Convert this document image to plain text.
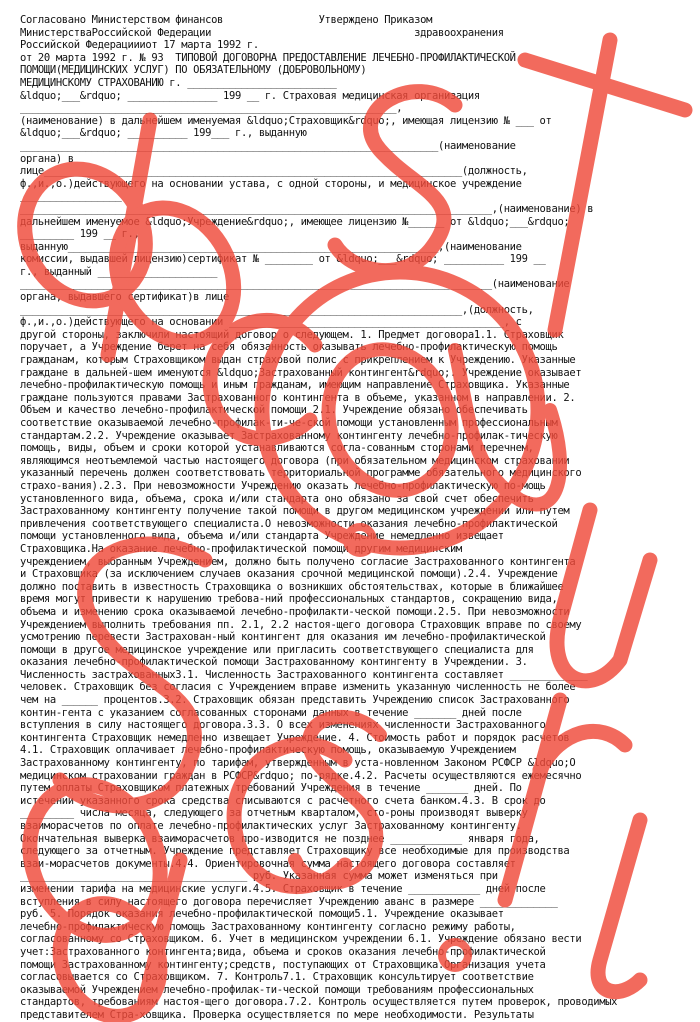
Согласовано Министерством финансов                Утверждено Приказом
МинистерстваРоссийской Федерации                                  здравоохранения
Российской Федерациииот 17 марта 1992 г.
от 20 марта 1992 г. № 93  ТИПОВОЙ ДОГОВОРНА ПРЕДОСТАВЛЕНИЕ ЛЕЧЕБНО-ПРОФИЛАКТИЧЕСКОЙ
ПОМОЩИ(МЕДИЦИНСКИХ УСЛУГ) ПО ОБЯЗАТЕЛЬНОМУ (ДОБРОВОЛЬНОМУ)
МЕДИЦИНСКОМУ СТРАХОВАНИЮ г. _________________________
&ldquo;___&rdquo; _______________ 199 __ г. Страховая медицинская организация
_______________________________________________________________,
(наименование) в дальнейшем именуемая &ldquo;Страховщик&rdquo;, имеющая лицензию № ___ от
&ldquo;___&rdquo; __________ 199___ г., выданную
______________________________________________________________________(наименование
органа) в
лице______________________________________________________________________(должность,
ф.,и.,о.)действующего на основании устава, с одной стороны, и медицинское учреждение
_________________
_______________________________________________________________________________,(наименование) в
дальнейшем именуемое &ldquo;Учреждение&rdquo;, имеющее лицензию №______ от &ldquo;___&rdquo;
_________ 199 __ г.,
выданную______________________________________________________________,(наименование
комиссии, выдавшей лицензию)сертификат № ________ от &ldquo;___&rdquo; __________ 199 __
г., выданный ____________________
_______________________________________________________________________________(наименование
органа, выдавшего сертификат)в лице
__________________________________________________________________________,(должность,
ф.,и.,о.)действующего на основании ______________________________________________, с
другой стороны, заключили настоящий договор о следующем. 1. Предмет договора1.1. Страховщик
поручает, а Учреждение берет на себя обязанность оказывать лечебно-профилактическую помощь
гражданам, которым Страховщиком выдан страховой полис с прикреплением к Учреждению. Указанные
граждане в дальней-шем именуются &ldquo;Застрахованный контингент&rdquo;. Учреждение оказывает
лечебно-профилактическую помощь и иным гражданам, имеющим направление Страховщика. Указанные
граждане пользуются правами Застрахованного контингента в объеме, указанном в направлении. 2.
Объем и качество лечебно-профилактической помощи 2.1. Учреждение обязано обеспечивать
соответствие оказываемой лечебно-профилак-ти-че-ской помощи установленным профессиональным
стандартам.2.2. Учреждение оказывает Застрахованному контингенту лечебно-профилак-тическую
помощь, виды, объем и сроки которой устанавливаются согла-сованным сторонами перечнем,
являющимся неотъемлемой частью настоящего договора (при обязательном медицинском страховании
указанный перечень должен соответствовать территориальной программе обязательного медицинского
страхо-вания).2.3. При невозможности Учреждению оказать лечебно-профилактическую по-мощь
установленного вида, объема, срока и/или стандарта оно обязано за свой счет обеспечить
Застрахованному контингенту получение такой помощи в другом медицинском учреждении или путем
привлечения соответствующего специалиста.О невозможности оказания лечебно-профилактической
помощи установленного вида, объема и/или стандарта Учреждение немедленно извещает
Страховщика.На оказание лечебно-профилактической помощи другим медицинским
учреждением, выбранным Учреждением, должно быть получено согласие Застрахованного контингента
и Страховщика (за исключением случаев оказания срочной медицинской помощи).2.4. Учреждение
должно поставить в известность Страховщика о возникших обстоятельствах, которые в ближайшее
время могут привести к нарушению требова-ний профессиональных стандартов, сокращению вида,
объема и изменению срока оказываемой лечебно-профилакти-ческой помощи.2.5. При невозможности
Учреждением выполнить требования пп. 2.1, 2.2 настоя-щего договора Страховщик вправе по своему
усмотрению перевести Застрахован-ный контингент для оказания им лечебно-профилактической
помощи в другое медицинское учреждение или пригласить соответствующего специалиста для
оказания лечебно-профилактической помощи Застрахованному контингенту в Учреждении. 3.
Численность застрахованных3.1. Численность Застрахованного контингента составляет _____________
человек. Страховщик без согласия с Учреждением вправе изменить указанную численность не более
чем на ______ процентов.3.2. Страховщик обязан представить Учреждению список Застрахованного
контин-гента с указанием согласованных сторонами данных в течение _______ дней после
вступления в силу настоящего договора.3.3. О всех изменениях численности Застрахованного
контингента Страховщик немедленно извещает Учреждение. 4. Стоимость работ и порядок расчетов
4.1. Страховщик оплачивает лечебно-профилактическую помощь, оказываемую Учреждением
Застрахованному контингенту, по тарифам, утвержденным в уста-новленном Законом РСФСР &ldquo;О
медицинском страховании граждан в РСФСР&rdquo; по-рядке.4.2. Расчеты осуществляются ежемесячно
путем оплаты Страховщиком платежных требований Учреждения в течение _______ дней. По
истечении указанного срока средства списываются с расчетного счета банком.4.3. В срок до
_________ числа месяца, следующего за отчетным кварталом, сто-роны производят выверку
взаиморасчетов по оплате лечебно-профилактических услуг Застрахованному контингенту.
Окончательная выверка взаиморасчетов про-изводится не позднее ____________ января года,
следующего за отчетным. Учреждение представляет Страховщику все необходимые для производства
взаи-морасчетов документы.4.4. Ориентировочная сумма настоящего договора составляет
______________________________________ руб. Указанная сумма может изменяться при
изменении тарифа на медицинские услуги.4.5. Страховщик в течение ____________ дней после
вступления в силу настоящего договора перечисляет Учреждению аванс в размере _____________
руб. 5. Порядок оказания лечебно-профилактической помощи5.1. Учреждение оказывает
лечебно-профилактическую помощь Застрахованному контингенту согласно режиму работы,
согласованному со Страховщиком. 6. Учет в медицинском учреждении 6.1. Учреждение обязано вести
учет:Застрахованного контингента;вида, объема и сроков оказания лечебно-профилактической
помощи Застрахованному контингенту;средств, поступающих от Страховщика.Организация учета
согласовывается со Страховщиком. 7. Контроль7.1. Страховщик консультирует соответствие
оказываемой Учреждением лечебно-профилак-ти-ческой помощи требованиям профессиональных
стандартов, требованиям настоя-щего договора.7.2. Контроль осуществляется путем проверок, проводимых
представителем Стра-ховщика. Проверка осуществляется по мере необходимости. Результаты
